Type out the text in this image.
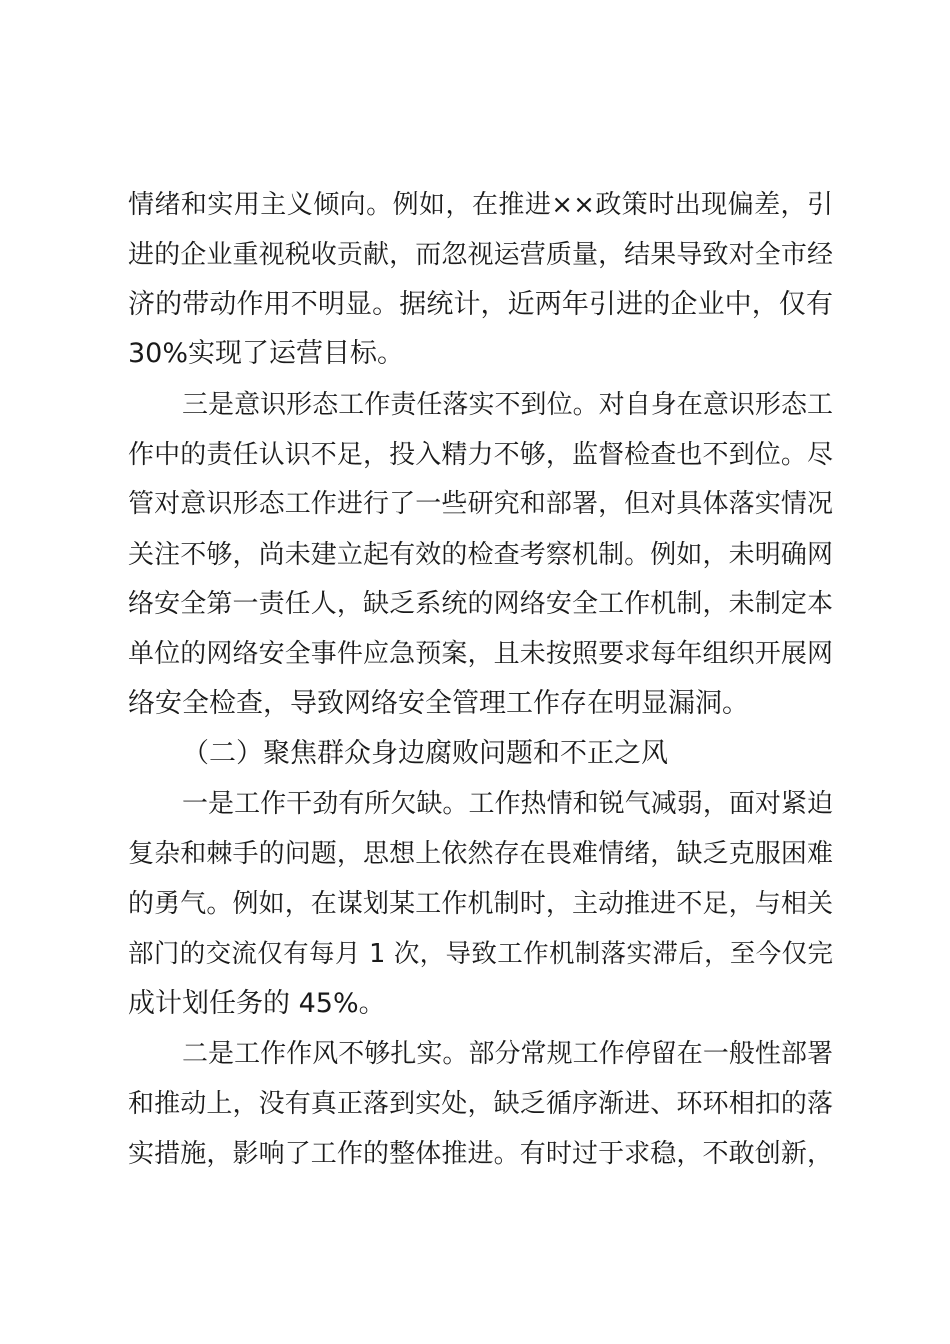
情绪和实用主义倾向。例如，在推进××政策时出现偏差，引
进的企业重视税收贡献，而忽视运营质量，结果导致对全市经
济的带动作用不明显。据统计，近两年引进的企业中，仅有
30%实现了运营目标。
三是意识形态工作责任落实不到位。对自身在意识形态工
作中的责任认识不足，投入精力不够，监督检查也不到位。尽
管对意识形态工作进行了一些研究和部署，但对具体落实情况
关注不够，尚未建立起有效的检查考察机制。例如，未明确网
络安全第一责任人，缺乏系统的网络安全工作机制，未制定本
单位的网络安全事件应急预案，且未按照要求每年组织开展网
络安全检查，导致网络安全管理工作存在明显漏洞。
（二）聚焦群众身边腐败问题和不正之风
一是工作干劲有所欠缺。工作热情和锐气减弱，面对紧迫
复杂和棘手的问题，思想上依然存在畏难情绪，缺乏克服困难
的勇气。例如，在谋划某工作机制时，主动推进不足，与相关
部门的交流仅有每月 1 次，导致工作机制落实滞后，至今仅完
成计划任务的 45%。
二是工作作风不够扎实。部分常规工作停留在一般性部署
和推动上，没有真正落到实处，缺乏循序渐进、环环相扣的落
实措施，影响了工作的整体推进。有时过于求稳，不敢创新，
